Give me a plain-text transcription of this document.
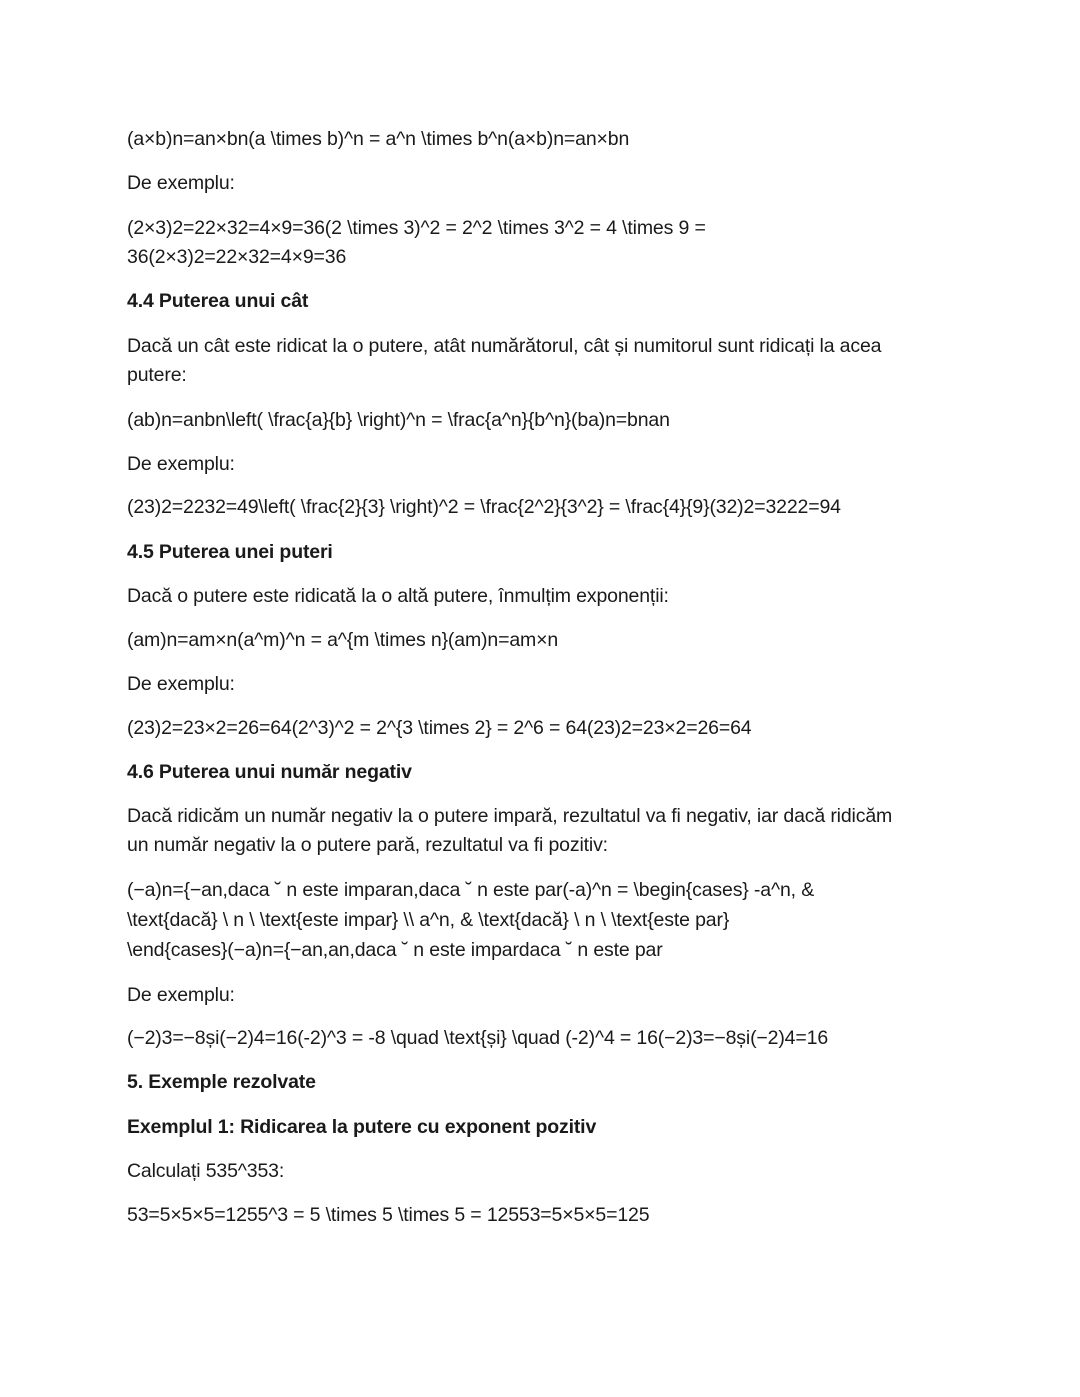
(a×b)n=an×bn(a \times b)^n = a^n \times b^n(a×b)n=an×bn
De exemplu:
(2×3)2=22×32=4×9=36(2 \times 3)^2 = 2^2 \times 3^2 = 4 \times 9 =
36(2×3)2=22×32=4×9=36
4.4 Puterea unui cât
Dacă un cât este ridicat la o putere, atât numărătorul, cât și numitorul sunt ridicați la acea
putere:
(ab)n=anbn\left( \frac{a}{b} \right)^n = \frac{a^n}{b^n}(ba)n=bnan
De exemplu:
(23)2=2232=49\left( \frac{2}{3} \right)^2 = \frac{2^2}{3^2} = \frac{4}{9}(32)2=3222=94
4.5 Puterea unei puteri
Dacă o putere este ridicată la o altă putere, înmulțim exponenții:
(am)n=am×n(a^m)^n = a^{m \times n}(am)n=am×n
De exemplu:
(23)2=23×2=26=64(2^3)^2 = 2^{3 \times 2} = 2^6 = 64(23)2=23×2=26=64
4.6 Puterea unui număr negativ
Dacă ridicăm un număr negativ la o putere impară, rezultatul va fi negativ, iar dacă ridicăm
un număr negativ la o putere pară, rezultatul va fi pozitiv:
(−a)n={−an,daca ˘ n este imparan,daca ˘ n este par(-a)^n = \begin{cases} -a^n, &
\text{dacă} \ n \ \text{este impar} \\ a^n, & \text{dacă} \ n \ \text{este par}
\end{cases}(−a)n={−an,an,daca ˘ n este impardaca ˘ n este par
De exemplu:
(−2)3=−8și(−2)4=16(-2)^3 = -8 \quad \text{și} \quad (-2)^4 = 16(−2)3=−8și(−2)4=16
5. Exemple rezolvate
Exemplul 1: Ridicarea la putere cu exponent pozitiv
Calculați 535^353:
53=5×5×5=1255^3 = 5 \times 5 \times 5 = 12553=5×5×5=125
